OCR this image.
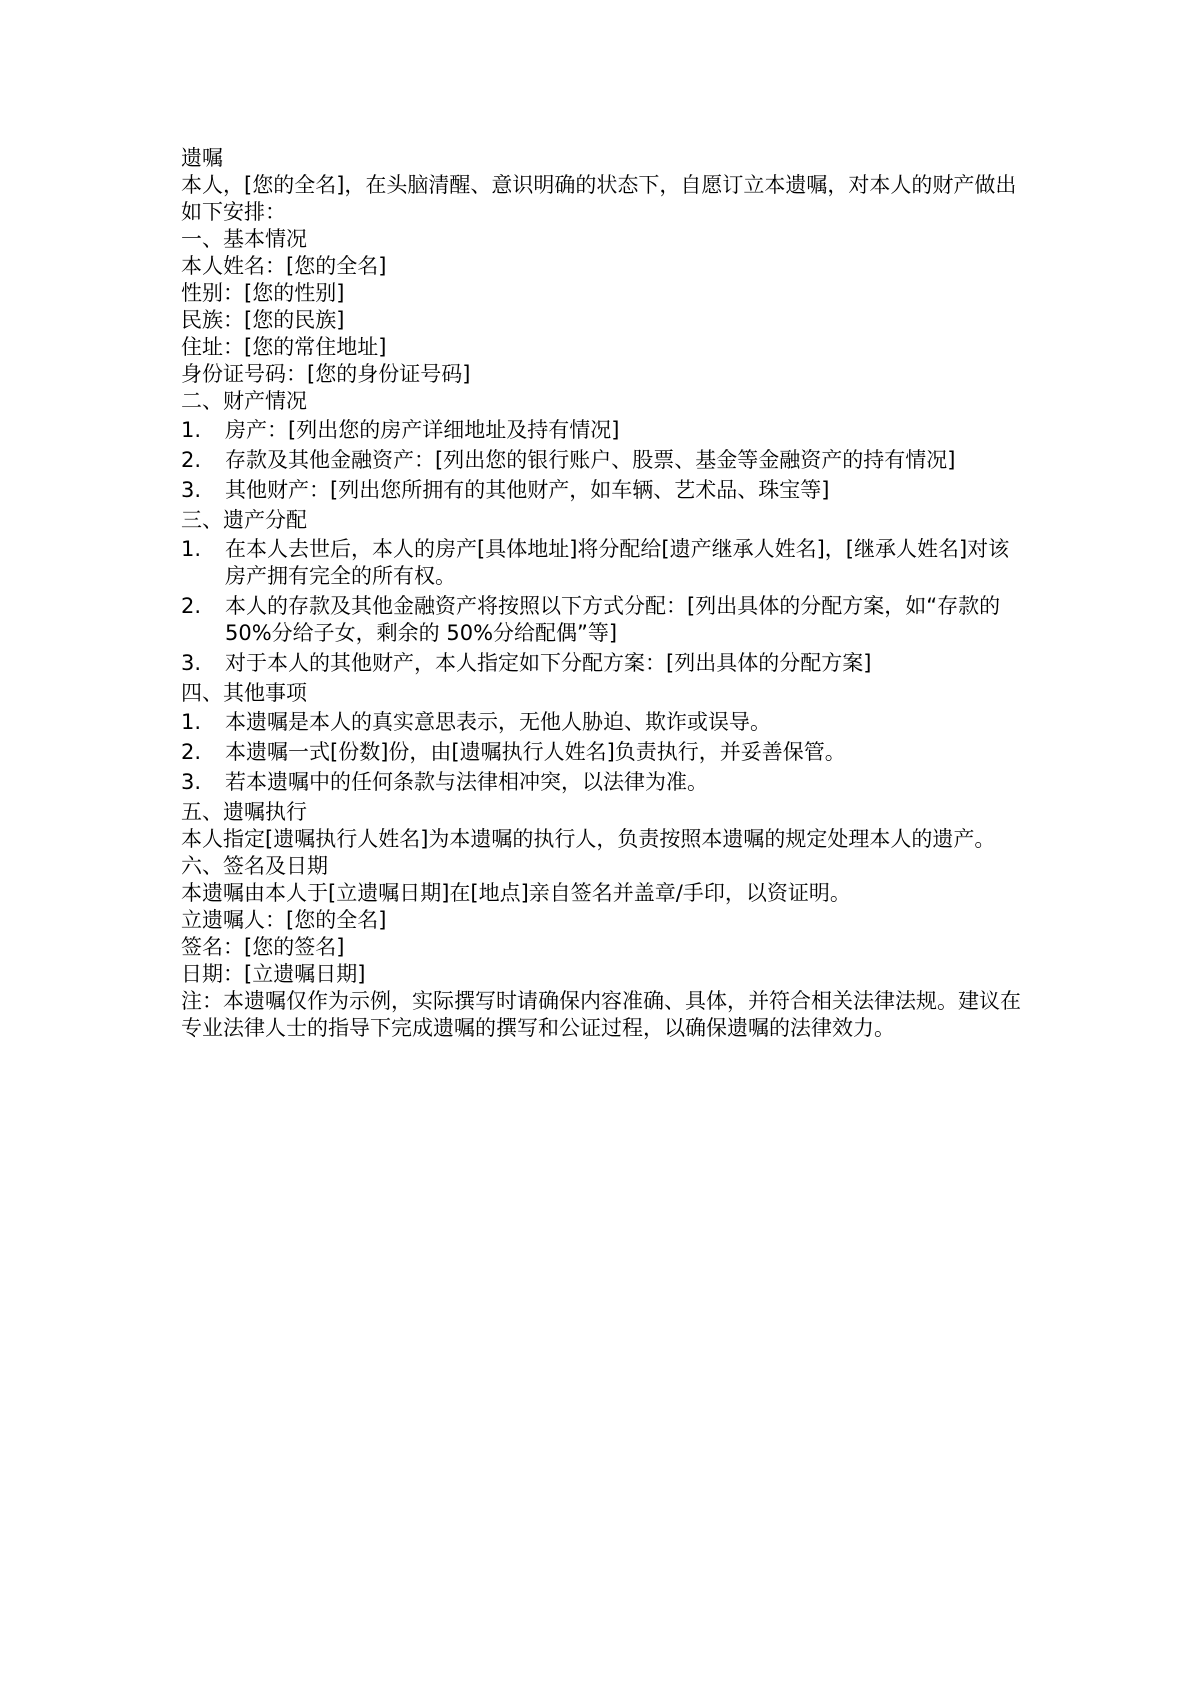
遗嘱

本人，[您的全名]，在头脑清醒、意识明确的状态下，自愿订立本遗嘱，对本人的财产做出如下安排：

一、基本情况

本人姓名：[您的全名]

性别：[您的性别]

民族：[您的民族]

住址：[您的常住地址]

身份证号码：[您的身份证号码]

二、财产情况

1.	房产：[列出您的房产详细地址及持有情况]
2.	存款及其他金融资产：[列出您的银行账户、股票、基金等金融资产的持有情况]
3.	其他财产：[列出您所拥有的其他财产，如车辆、艺术品、珠宝等]

三、遗产分配

1.	在本人去世后，本人的房产[具体地址]将分配给[遗产继承人姓名]，[继承人姓名]对该房产拥有完全的所有权。
2.	本人的存款及其他金融资产将按照以下方式分配：[列出具体的分配方案，如“存款的 50%分给子女，剩余的 50%分给配偶”等]
3.	对于本人的其他财产，本人指定如下分配方案：[列出具体的分配方案]

四、其他事项

1.	本遗嘱是本人的真实意思表示，无他人胁迫、欺诈或误导。
2.	本遗嘱一式[份数]份，由[遗嘱执行人姓名]负责执行，并妥善保管。
3.	若本遗嘱中的任何条款与法律相冲突，以法律为准。

五、遗嘱执行

本人指定[遗嘱执行人姓名]为本遗嘱的执行人，负责按照本遗嘱的规定处理本人的遗产。

六、签名及日期

本遗嘱由本人于[立遗嘱日期]在[地点]亲自签名并盖章/手印，以资证明。

立遗嘱人：[您的全名]

签名：[您的签名]

日期：[立遗嘱日期]

注：本遗嘱仅作为示例，实际撰写时请确保内容准确、具体，并符合相关法律法规。建议在专业法律人士的指导下完成遗嘱的撰写和公证过程，以确保遗嘱的法律效力。
